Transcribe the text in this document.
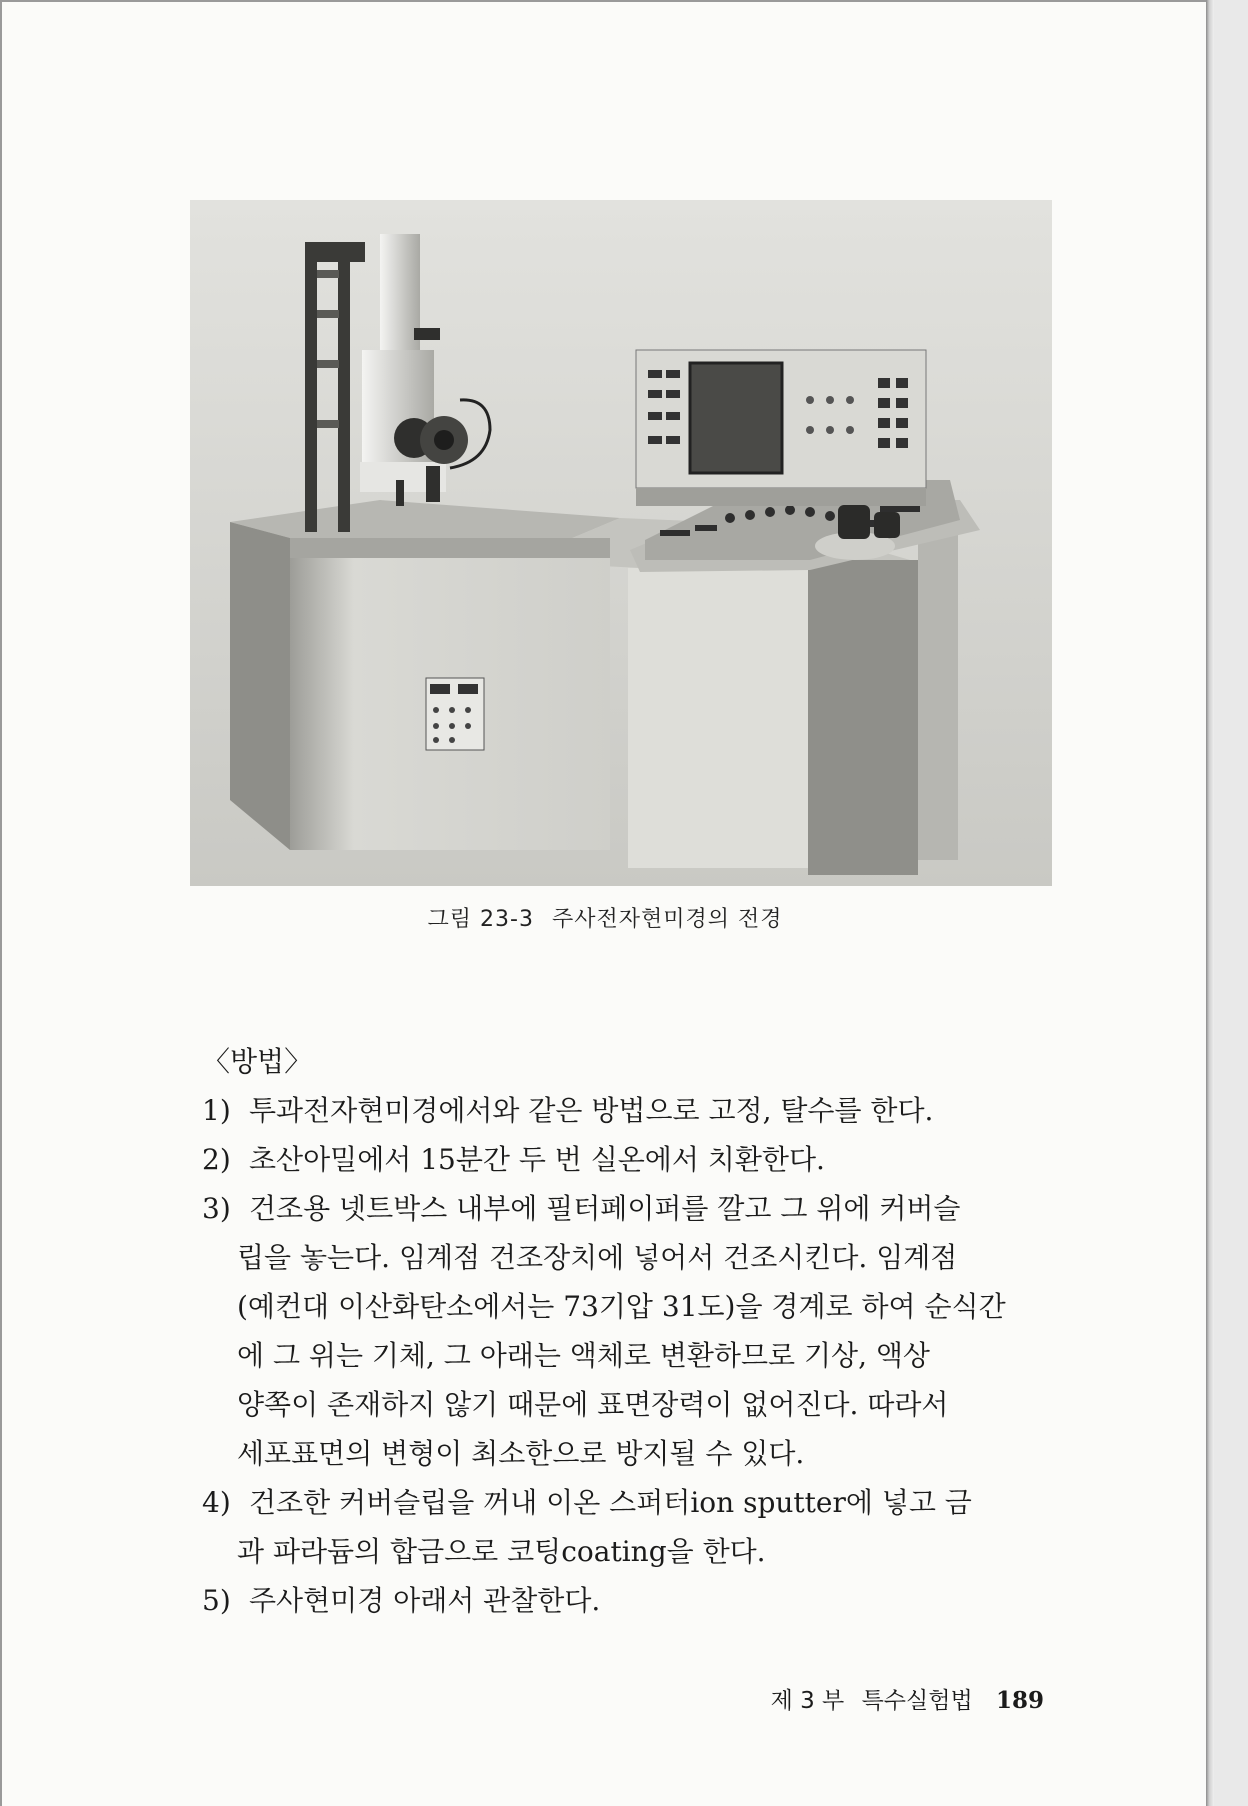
그림 23-3 주사전자현미경의 전경
〈방법〉
1) 투과전자현미경에서와 같은 방법으로 고정, 탈수를 한다.
2) 초산아밀에서 15분간 두 번 실온에서 치환한다.
3) 건조용 넷트박스 내부에 필터페이퍼를 깔고 그 위에 커버슬
립을 놓는다. 임계점 건조장치에 넣어서 건조시킨다. 임계점
(예컨대 이산화탄소에서는 73기압 31도)을 경계로 하여 순식간
에 그 위는 기체, 그 아래는 액체로 변환하므로 기상, 액상
양쪽이 존재하지 않기 때문에 표면장력이 없어진다. 따라서
세포표면의 변형이 최소한으로 방지될 수 있다.
4) 건조한 커버슬립을 꺼내 이온 스퍼터ion sputter에 넣고 금
과 파라듐의 합금으로 코팅coating을 한다.
5) 주사현미경 아래서 관찰한다.
제 3 부 특수실험법 189
